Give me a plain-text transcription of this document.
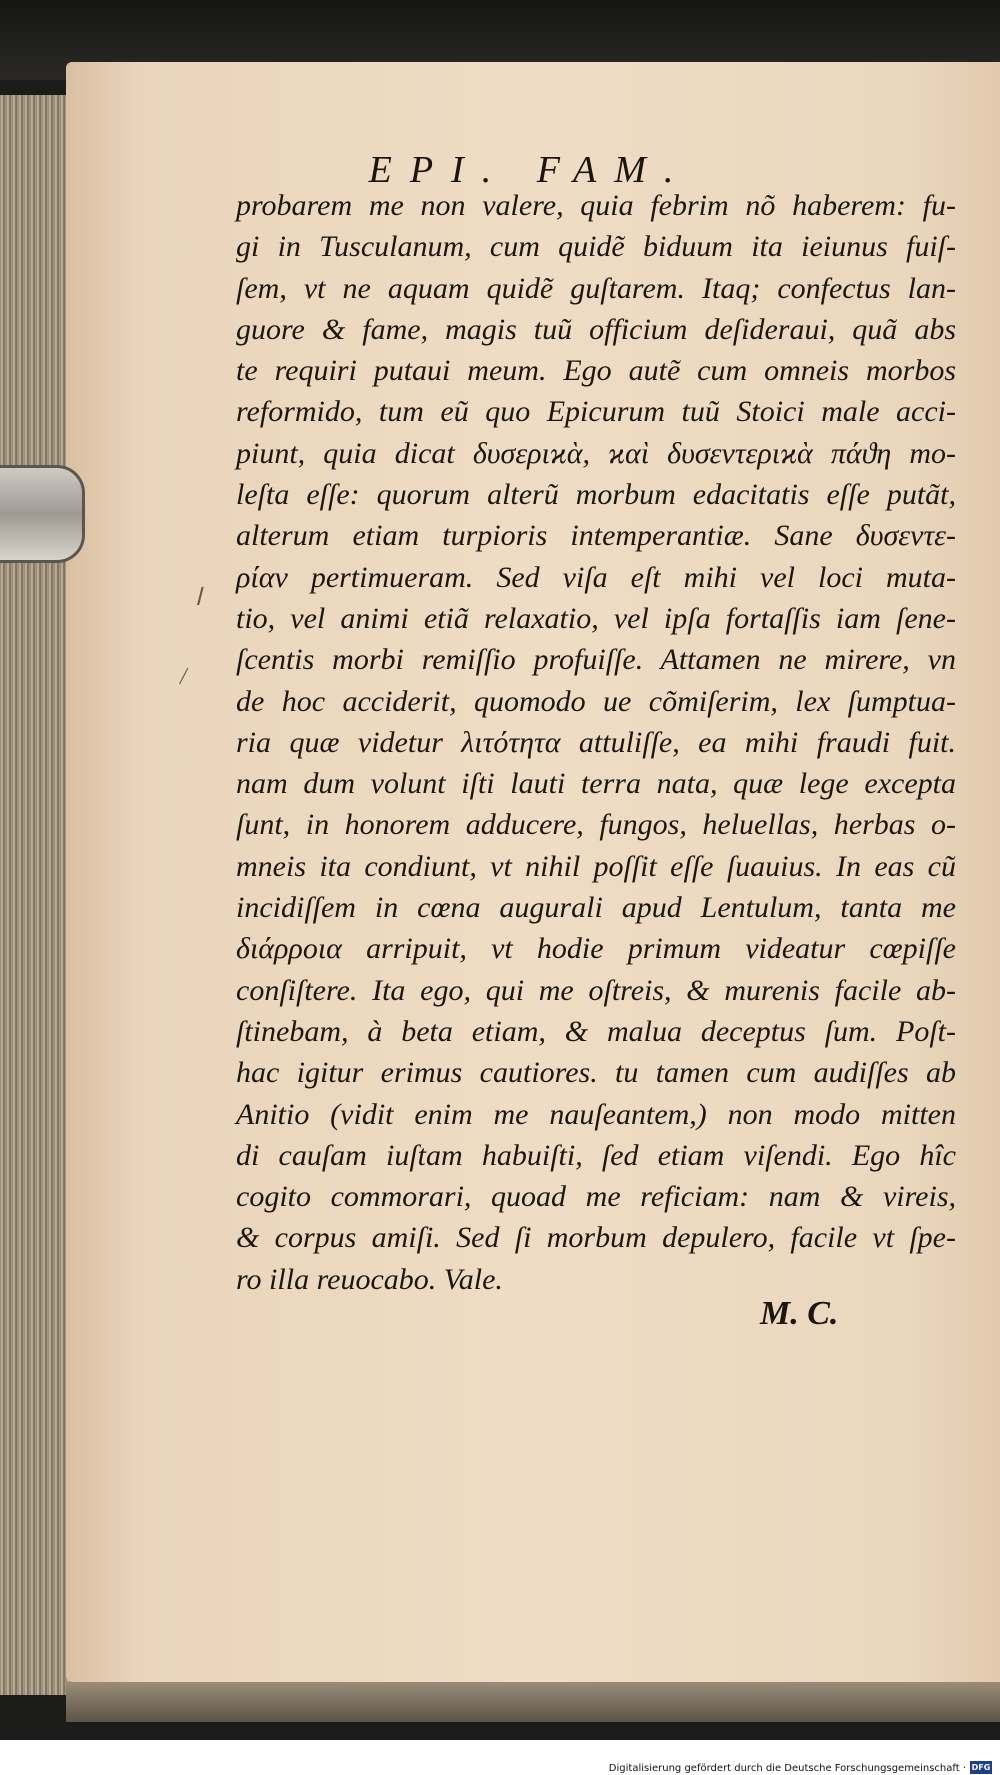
ꞁ
/
EPI. FAM.
probarem me non valere, quia febrim nõ haberem: fu-
gi in Tusculanum, cum quidẽ biduum ita ieiunus fuiſ-
ſem, vt ne aquam quidẽ guſtarem. Itaq; confectus lan-
guore & fame, magis tuũ officium deſideraui, quã abs
te requiri putaui meum. Ego autẽ cum omneis morbos
reformido, tum eũ quo Epicurum tuũ Stoici male acci-
piunt, quia dicat δυσεριϰὰ, ϰαὶ δυσεντεριϰὰ πάϑη mo-
leſta eſſe: quorum alterũ morbum edacitatis eſſe putãt,
alterum etiam turpioris intemperantiæ. Sane δυσεντε-
ρίαν pertimueram. Sed viſa eſt mihi vel loci muta-
tio, vel animi etiã relaxatio, vel ipſa fortaſſis iam ſene-
ſcentis morbi remiſſio profuiſſe. Attamen ne mirere, vn
de hoc acciderit, quomodo ue cõmiſerim, lex ſumptua-
ria quæ videtur λιτότητα attuliſſe, ea mihi fraudi fuit.
nam dum volunt iſti lauti terra nata, quæ lege excepta
ſunt, in honorem adducere, fungos, heluellas, herbas o-
mneis ita condiunt, vt nihil poſſit eſſe ſuauius. In eas cũ
incidiſſem in cœna augurali apud Lentulum, tanta me
διάρροια arripuit, vt hodie primum videatur cœpiſſe
conſiſtere. Ita ego, qui me oſtreis, & murenis facile ab-
ſtinebam, à beta etiam, & malua deceptus ſum. Poſt-
hac igitur erimus cautiores. tu tamen cum audiſſes ab
Anitio (vidit enim me nauſeantem,) non modo mitten
di cauſam iuſtam habuiſti, ſed etiam viſendi. Ego hîc
cogito commorari, quoad me reficiam: nam & vireis,
& corpus amiſi. Sed ſi morbum depulero, facile vt ſpe-
ro illa reuocabo. Vale.
M. C.
Digitalisierung gefördert durch die Deutsche Forschungsgemeinschaft · DFG
